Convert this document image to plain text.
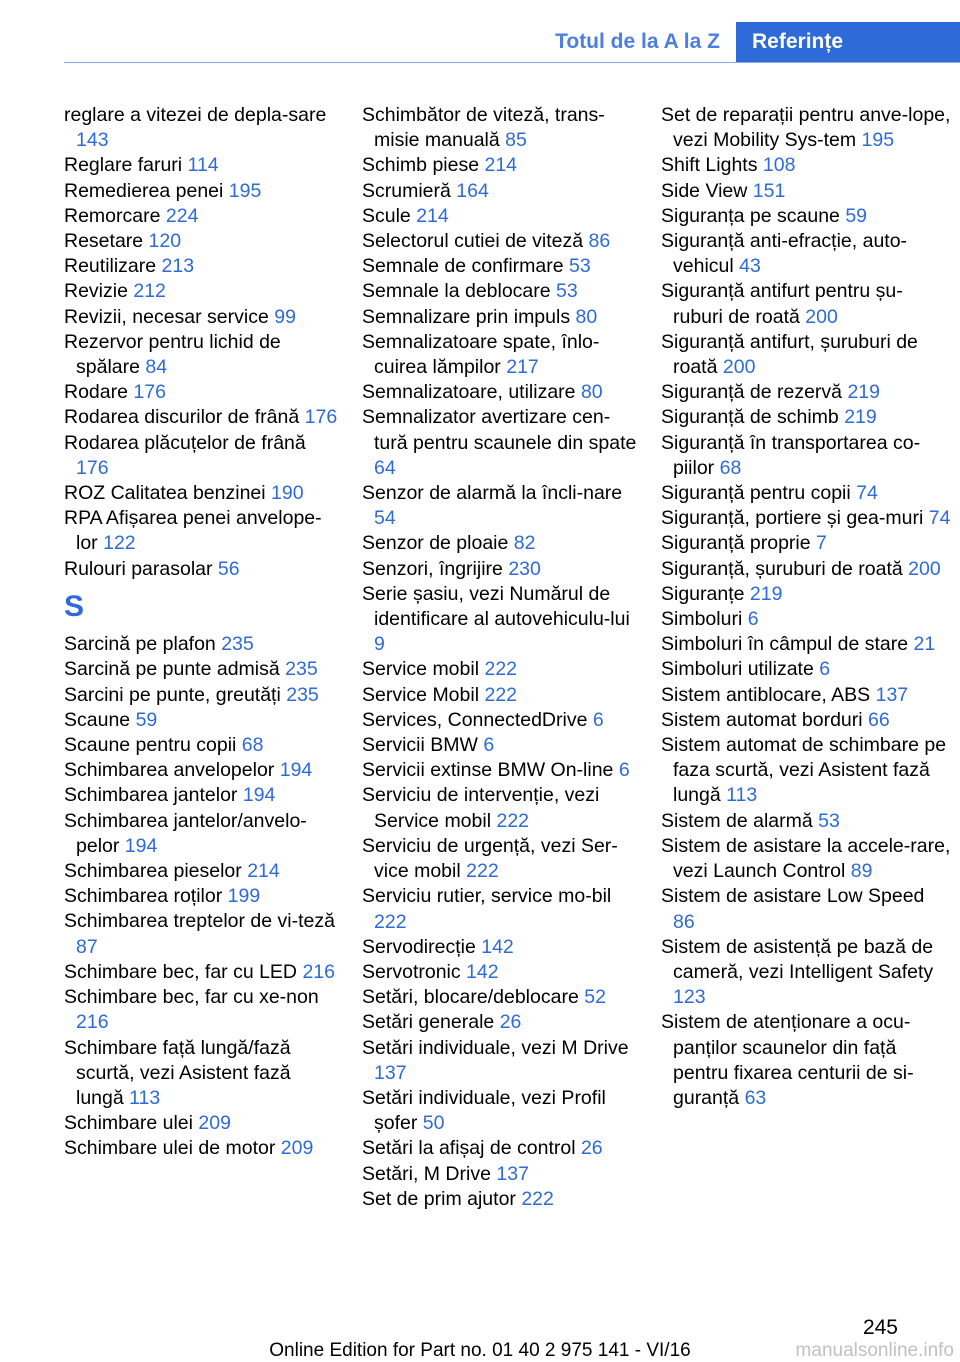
Totul de la A la Z	Referințe
reglare a vitezei de depla-sare 143
Reglare faruri 114
Remedierea penei 195
Remorcare 224
Resetare 120
Reutilizare 213
Revizie 212
Revizii, necesar service 99
Rezervor pentru lichid de spălare 84
Rodare 176
Rodarea discurilor de frână 176
Rodarea plăcuțelor de frână 176
ROZ Calitatea benzinei 190
RPA Afișarea penei anvelope-lor 122
Rulouri parasolar 56
S
Sarcină pe plafon 235
Sarcină pe punte admisă 235
Sarcini pe punte, greutăți 235
Scaune 59
Scaune pentru copii 68
Schimbarea anvelopelor 194
Schimbarea jantelor 194
Schimbarea jantelor/anvelo-pelor 194
Schimbarea pieselor 214
Schimbarea roților 199
Schimbarea treptelor de vi-teză 87
Schimbare bec, far cu LED 216
Schimbare bec, far cu xe-non 216
Schimbare față lungă/fază scurtă, vezi Asistent fază lungă 113
Schimbare ulei 209
Schimbare ulei de motor 209
Schimbător de viteză, trans-misie manuală 85
Schimb piese 214
Scrumieră 164
Scule 214
Selectorul cutiei de viteză 86
Semnale de confirmare 53
Semnale la deblocare 53
Semnalizare prin impuls 80
Semnalizatoare spate, înlo-cuirea lămpilor 217
Semnalizatoare, utilizare 80
Semnalizator avertizare cen-tură pentru scaunele din spate 64
Senzor de alarmă la încli-nare 54
Senzor de ploaie 82
Senzori, îngrijire 230
Serie șasiu, vezi Numărul de identificare al autovehiculu-lui 9
Service mobil 222
Service Mobil 222
Services, ConnectedDrive 6
Servicii BMW 6
Servicii extinse BMW On-line 6
Serviciu de intervenție, vezi Service mobil 222
Serviciu de urgență, vezi Ser-vice mobil 222
Serviciu rutier, service mo-bil 222
Servodirecție 142
Servotronic 142
Setări, blocare/deblocare 52
Setări generale 26
Setări individuale, vezi M Drive 137
Setări individuale, vezi Profil șofer 50
Setări la afișaj de control 26
Setări, M Drive 137
Set de prim ajutor 222
Set de reparații pentru anve-lope, vezi Mobility Sys-tem 195
Shift Lights 108
Side View 151
Siguranța pe scaune 59
Siguranță anti-efracție, auto-vehicul 43
Siguranță antifurt pentru șu-ruburi de roată 200
Siguranță antifurt, șuruburi de roată 200
Siguranță de rezervă 219
Siguranță de schimb 219
Siguranță în transportarea co-piilor 68
Siguranță pentru copii 74
Siguranță, portiere și gea-muri 74
Siguranță proprie 7
Siguranță, șuruburi de roată 200
Siguranțe 219
Simboluri 6
Simboluri în câmpul de stare 21
Simboluri utilizate 6
Sistem antiblocare, ABS 137
Sistem automat borduri 66
Sistem automat de schimbare pe faza scurtă, vezi Asistent fază lungă 113
Sistem de alarmă 53
Sistem de asistare la accele-rare, vezi Launch Control 89
Sistem de asistare Low Speed 86
Sistem de asistență pe bază de cameră, vezi Intelligent Safety 123
Sistem de atenționare a ocu-panților scaunelor din față pentru fixarea centurii de si-guranță 63
245
Online Edition for Part no. 01 40 2 975 141 - VI/16	manualsonline.info
